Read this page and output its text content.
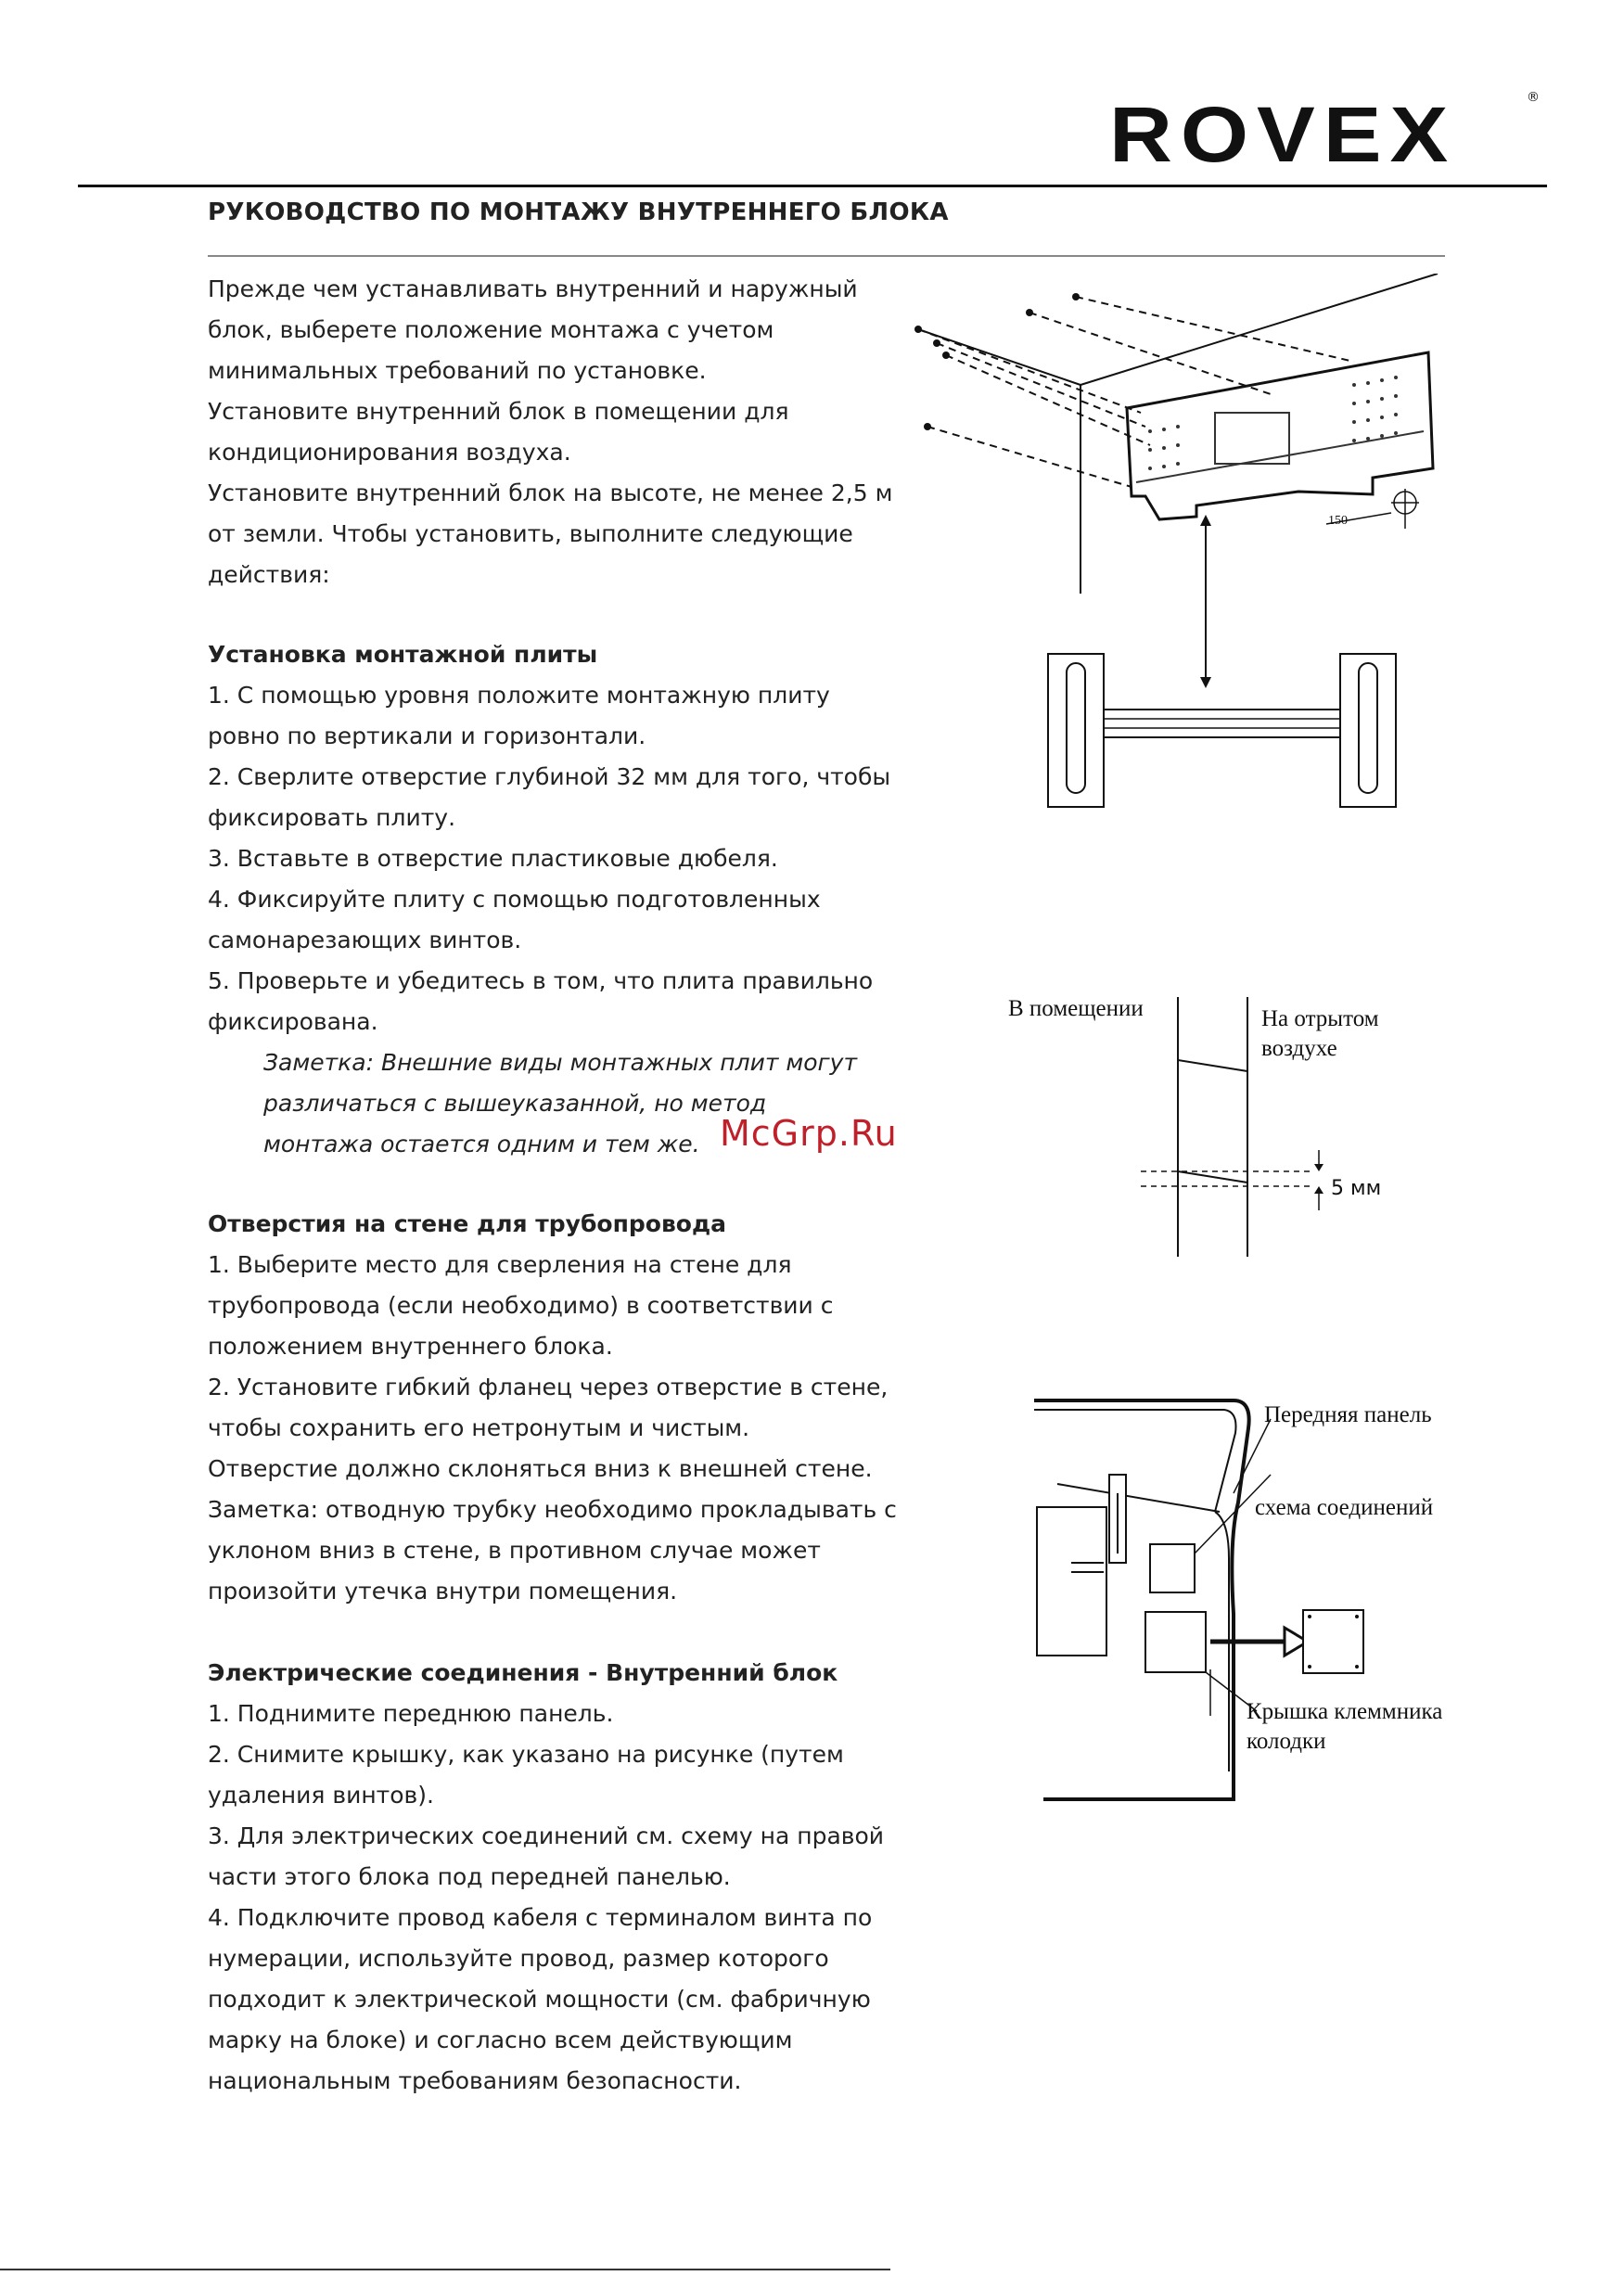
ROVEX	®
РУКОВОДСТВО ПО МОНТАЖУ ВНУТРЕННЕГО БЛОКА

Прежде чем устанавливать внутренний и наружный

блок, выберете положение монтажа с учетом

минимальных требований по установке.

Установите внутренний блок в помещении для

кондиционирования воздуха.

Установите внутренний блок на высоте, не менее 2,5 м

от земли. Чтобы установить, выполните следующие

действия:

Установка монтажной плиты

1. С помощью уровня положите монтажную плиту

ровно по вертикали и горизонтали.

2. Сверлите отверстие глубиной 32 мм для того, чтобы

фиксировать плиту.

3. Вставьте в отверстие пластиковые дюбеля.

4. Фиксируйте плиту с помощью подготовленных

самонарезающих винтов.

5. Проверьте и убедитесь в том, что плита правильно

фиксирована.

Заметка: Внешние виды монтажных плит могут

различаться с вышеуказанной, но метод

монтажа остается одним и тем же. McGrp.Ru

Отверстия на стене для трубопровода

1. Выберите место для сверления на стене для

трубопровода (если необходимо) в соответствии с

положением внутреннего блока.

2. Установите гибкий фланец через отверстие в стене,

чтобы сохранить его нетронутым и чистым.

Отверстие должно склоняться вниз к внешней стене.

Заметка: отводную трубку необходимо прокладывать с

уклоном вниз в стене, в противном случае может

произойти утечка внутри помещения.

Электрические соединения - Внутренний блок

1. Поднимите переднюю панель.

2. Снимите крышку, как указано на рисунке (путем

удаления винтов).

3. Для электрических соединений см. схему на правой

части этого блока под передней панелью.

4. Подключите провод кабеля с терминалом винта по

нумерации, используйте провод, размер которого

подходит к электрической мощности (см. фабричную

марку на блоке) и согласно всем действующим

национальным требованиям безопасности.

150
В помещении	На отрытом
воздухе
5 мм
Передняя панель
схема соединений
Крышка клеммника
колодки
